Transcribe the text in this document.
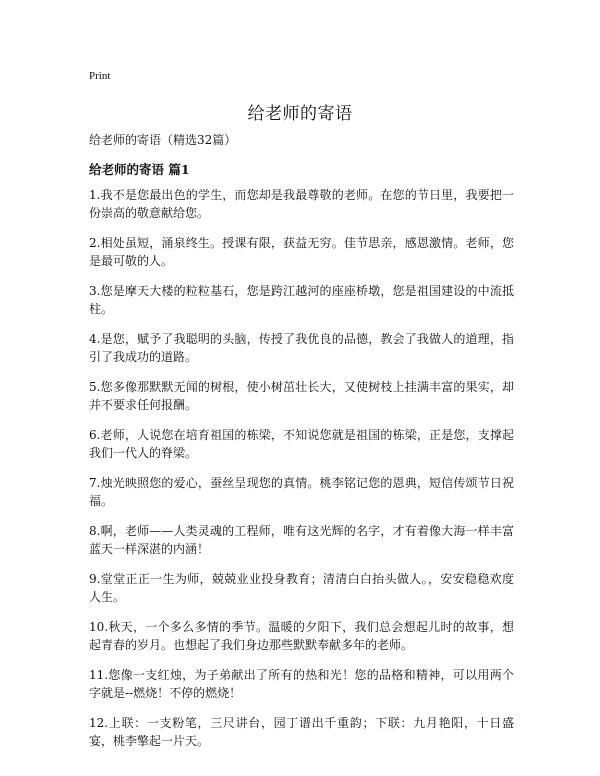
Print
给老师的寄语

给老师的寄语（精选32篇）

给老师的寄语 篇1

1.我不是您最出色的学生，而您却是我最尊敬的老师。在您的节日里，我要把一份崇高的敬意献给您。

2.相处虽短，涌泉终生。授课有限，获益无穷。佳节思亲，感恩激情。老师，您是最可敬的人。

3.您是摩天大楼的粒粒基石，您是跨江越河的座座桥墩，您是祖国建设的中流抵柱。

4.是您，赋予了我聪明的头脑，传授了我优良的品德，教会了我做人的道理，指引了我成功的道路。

5.您多像那默默无闻的树根，使小树茁壮长大，又使树枝上挂满丰富的果实，却并不要求任何报酬。

6.老师，人说您在培育祖国的栋梁，不知说您就是祖国的栋梁，正是您，支撑起我们一代人的脊梁。

7.烛光映照您的爱心，蚕丝呈现您的真情。桃李铭记您的恩典，短信传颂节日祝福。

8.啊，老师——人类灵魂的工程师，唯有这光辉的名字，才有着像大海一样丰富蓝天一样深湛的内涵！

9.堂堂正正一生为师，兢兢业业投身教育；清清白白抬头做人。，安安稳稳欢度人生。

10.秋天，一个多么多情的季节。温暖的夕阳下，我们总会想起儿时的故事，想起青春的岁月。也想起了我们身边那些默默奉献多年的老师。

11.您像一支红烛，为子弟献出了所有的热和光！您的品格和精神，可以用两个字就是--燃烧！不停的燃烧！

12.上联：一支粉笔，三尺讲台，园丁谱出千重韵；下联：九月艳阳，十日盛宴，桃李擎起一片天。
